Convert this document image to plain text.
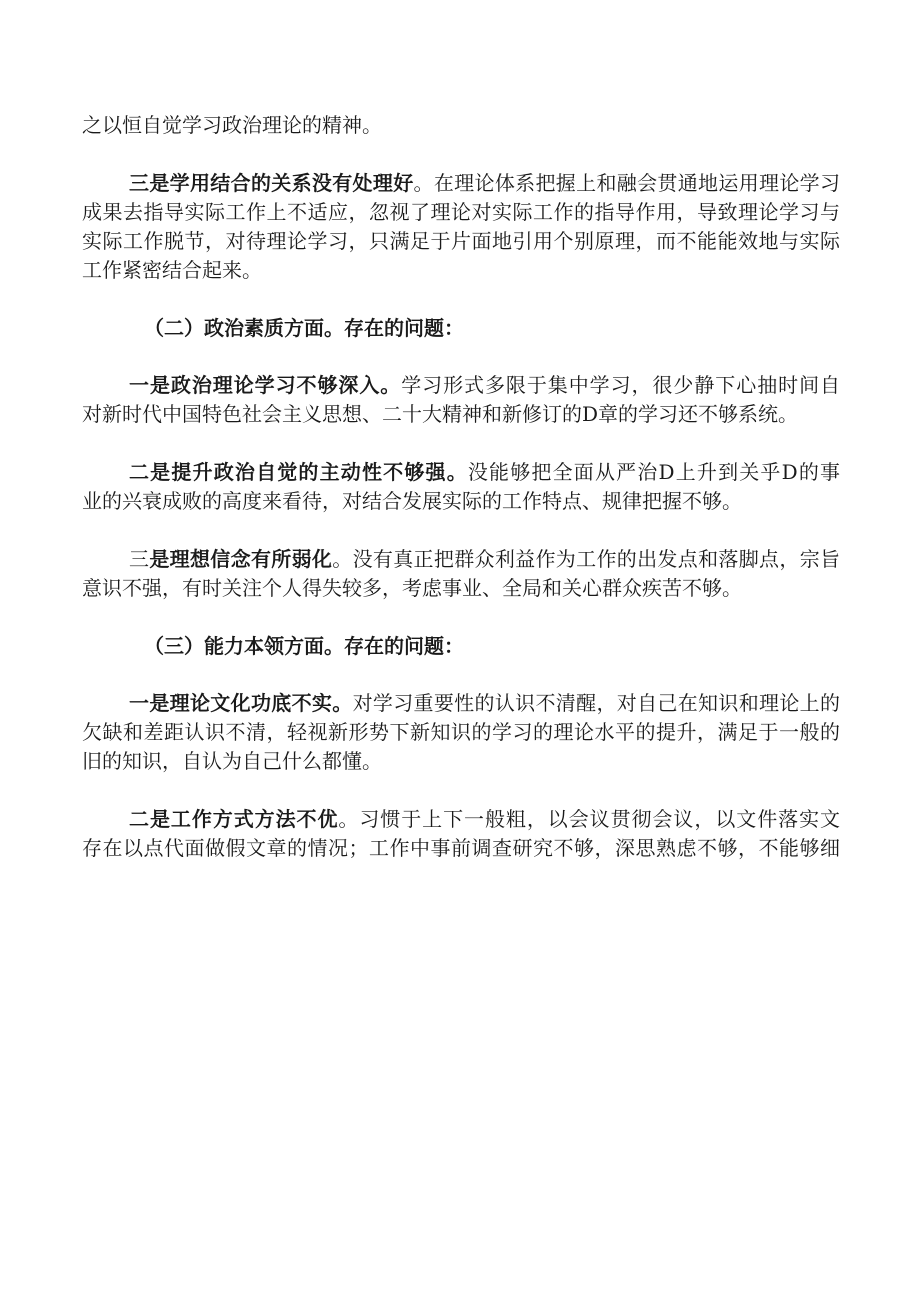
之以恒自觉学习政治理论的精神。
三是学用结合的关系没有处理好。在理论体系把握上和融会贯通地运用理论学习
成果去指导实际工作上不适应，忽视了理论对实际工作的指导作用，导致理论学习与
实际工作脱节，对待理论学习，只满足于片面地引用个别原理，而不能能效地与实际
工作紧密结合起来。
（二）政治素质方面。存在的问题：
一是政治理论学习不够深入。学习形式多限于集中学习，很少静下心抽时间自
对新时代中国特色社会主义思想、二十大精神和新修订的D章的学习还不够系统。
二是提升政治自觉的主动性不够强。没能够把全面从严治D上升到关乎D的事
业的兴衰成败的高度来看待，对结合发展实际的工作特点、规律把握不够。
三是理想信念有所弱化。没有真正把群众利益作为工作的出发点和落脚点，宗旨
意识不强，有时关注个人得失较多，考虑事业、全局和关心群众疾苦不够。
（三）能力本领方面。存在的问题：
一是理论文化功底不实。对学习重要性的认识不清醒，对自己在知识和理论上的
欠缺和差距认识不清，轻视新形势下新知识的学习的理论水平的提升，满足于一般的
旧的知识，自认为自己什么都懂。
二是工作方式方法不优。习惯于上下一般粗，以会议贯彻会议，以文件落实文
存在以点代面做假文章的情况；工作中事前调查研究不够，深思熟虑不够，不能够细
